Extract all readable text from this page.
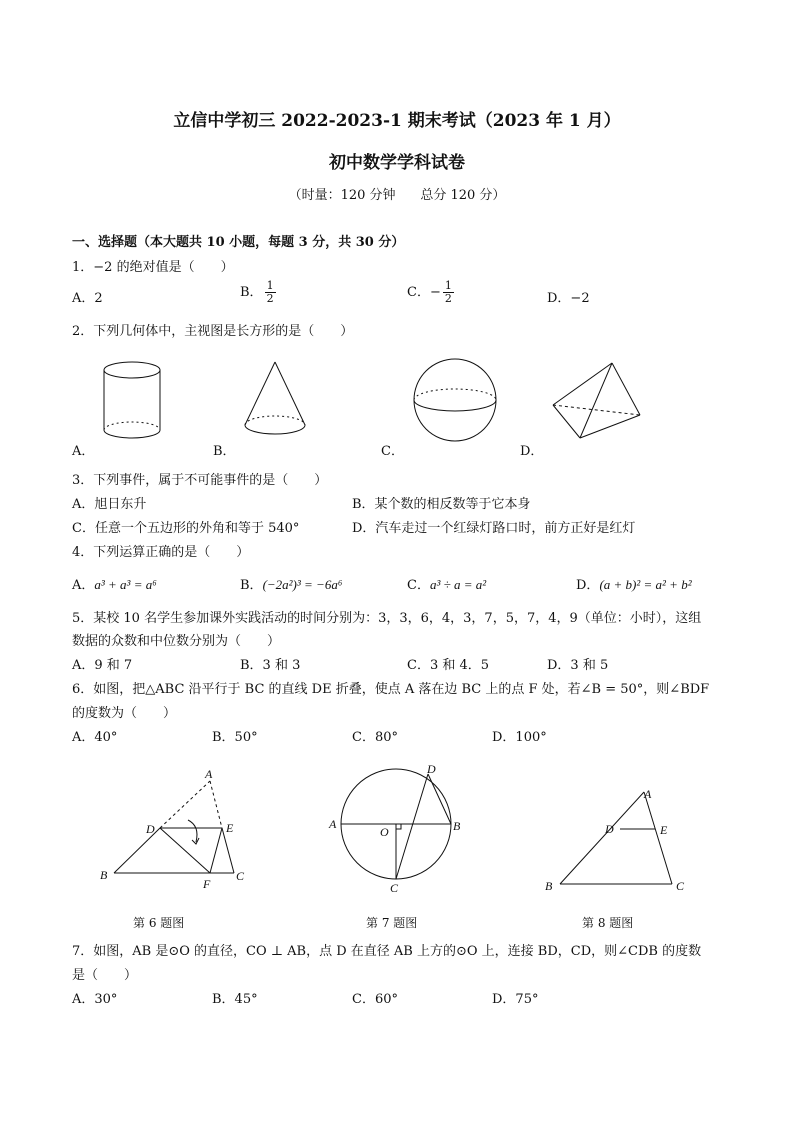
立信中学初三 2022-2023-1 期末考试（2023 年 1 月）
初中数学学科试卷
（时量：120 分钟 总分 120 分）
一、选择题（本大题共 10 小题，每题 3 分，共 30 分）
1．−2 的绝对值是（　　）
A．2	B． $\frac{1}{2}$	C．− $\frac{1}{2}$	D．−2
2．下列几何体中，主视图是长方形的是（　　）
A．	B．	C．	D．
3．下列事件，属于不可能事件的是（　　）
A．旭日东升	B．某个数的相反数等于它本身
C．任意一个五边形的外角和等于 540°	D．汽车走过一个红绿灯路口时，前方正好是红灯
4．下列运算正确的是（　　）
A．a³ + a³ = a⁶	B．(−2a²)³ = −6a⁶	C．a³ ÷ a = a²	D．(a + b)² = a² + b²
5．某校 10 名学生参加课外实践活动的时间分别为：3，3，6，4，3，7，5，7，4，9（单位：小时），这组
数据的众数和中位数分别为（　　）
A．9 和 7	B．3 和 3	C．3 和 4．5	D．3 和 5
6．如图，把△ABC 沿平行于 BC 的直线 DE 折叠，使点 A 落在边 BC 上的点 F 处，若∠B = 50°，则∠BDF
的度数为（　　）
A．40°	B．50°	C．80°	D．100°
A
B	C
D	E
F
第 6 题图
A	B
C
D
O
第 7 题图
A
B	C
D	E
第 8 题图
7．如图，AB 是⊙O 的直径，CO ⊥ AB，点 D 在直径 AB 上方的⊙O 上，连接 BD，CD，则∠CDB 的度数
是（　　）
A．30°	B．45°	C．60°	D．75°
